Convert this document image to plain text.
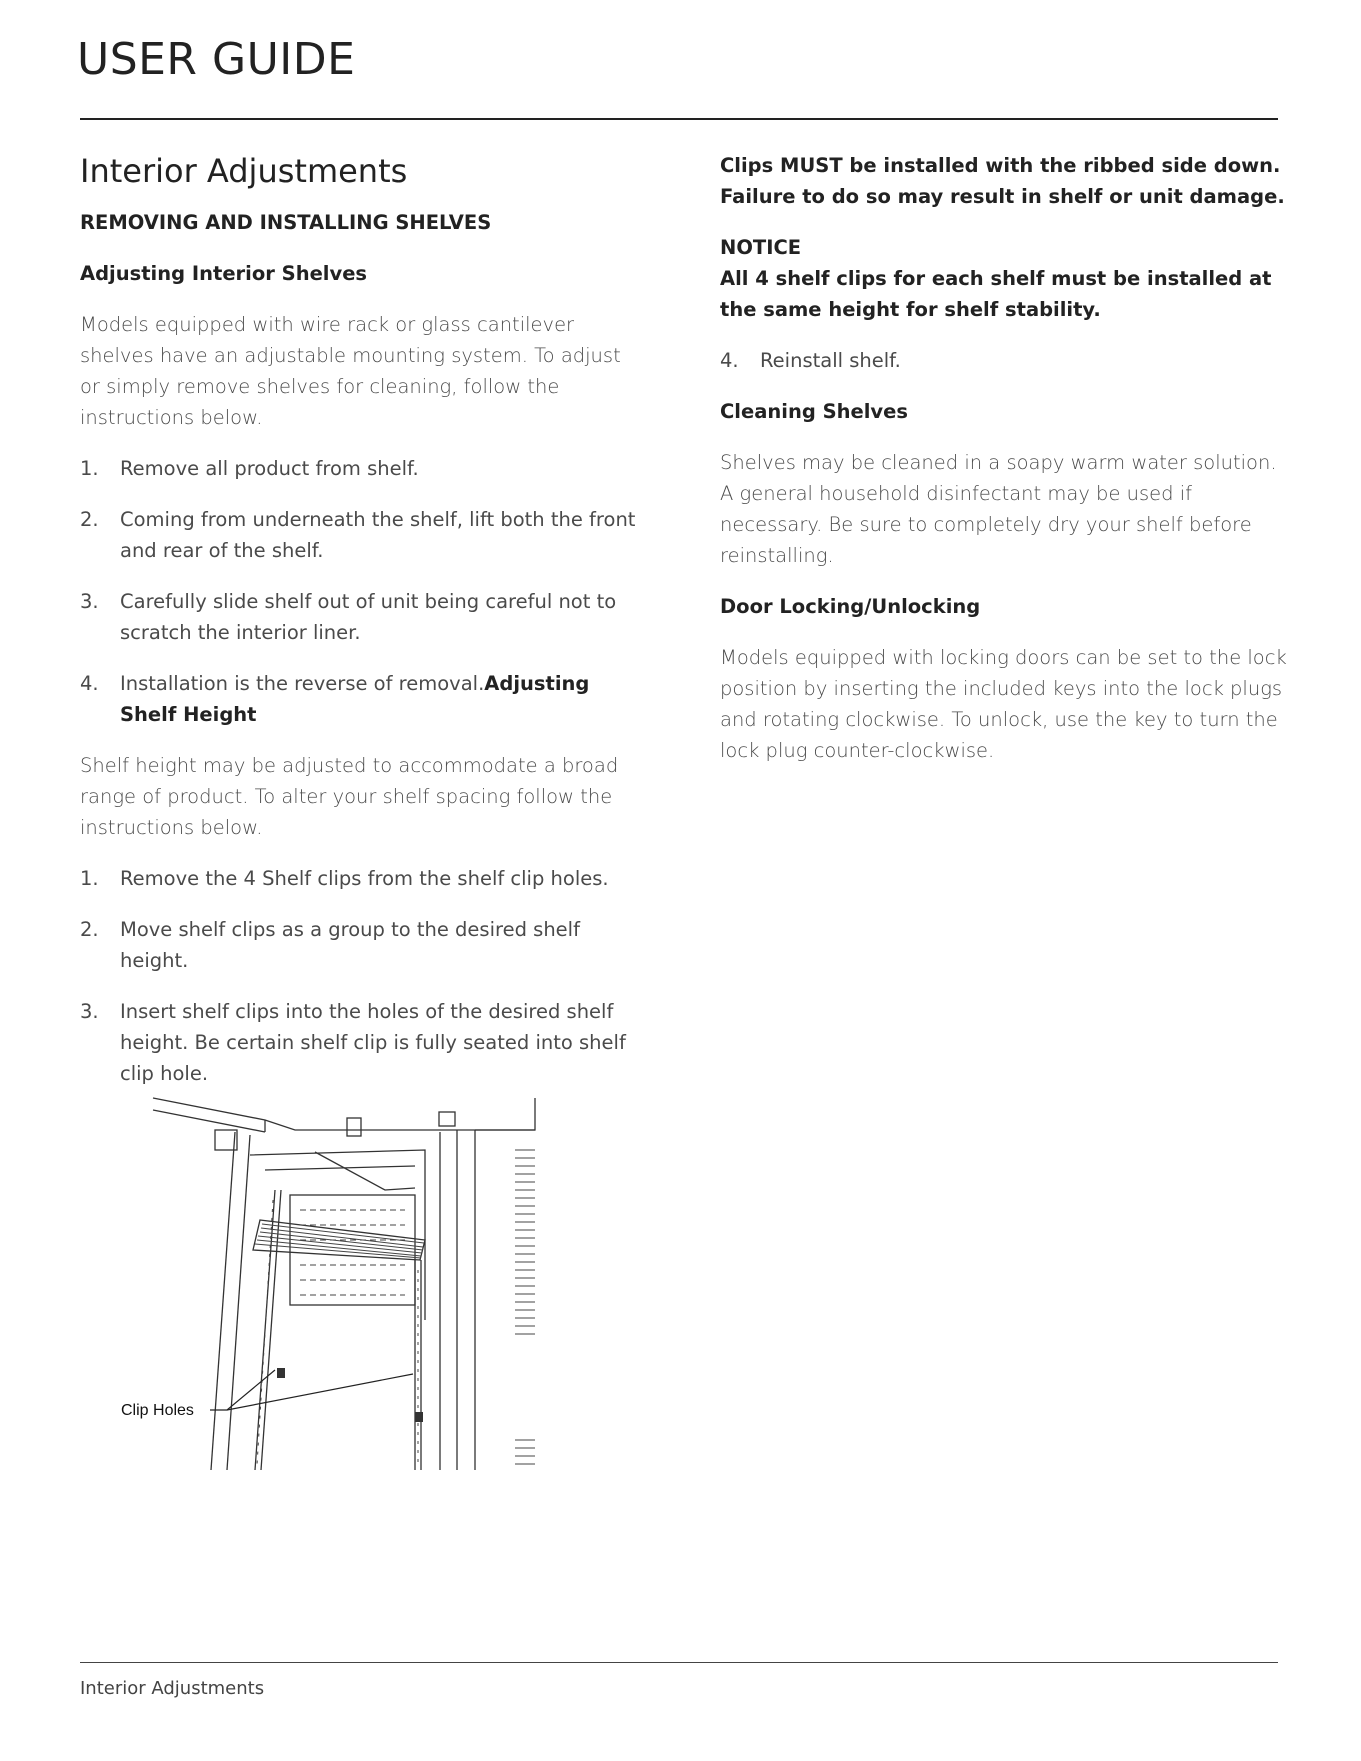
USER GUIDE
Interior Adjustments
REMOVING AND INSTALLING SHELVES
Adjusting Interior Shelves

Models equipped with wire rack or glass cantilever shelves have an adjustable mounting system. To adjust or simply remove shelves for cleaning, follow the instructions below.

1. Remove all product from shelf.
2. Coming from underneath the shelf, lift both the front and rear of the shelf.
3. Carefully slide shelf out of unit being careful not to scratch the interior liner.
4. Installation is the reverse of removal.Adjusting Shelf Height

Shelf height may be adjusted to accommodate a broad range of product. To alter your shelf spacing follow the instructions below.

1. Remove the 4 Shelf clips from the shelf clip holes.
2. Move shelf clips as a group to the desired shelf height.
3. Insert shelf clips into the holes of the desired shelf height. Be certain shelf clip is fully seated into shelf clip hole.
Clip Holes
Clips MUST be installed with the ribbed side down. Failure to do so may result in shelf or unit damage.
NOTICE
All 4 shelf clips for each shelf must be installed at the same height for shelf stability.
4. Reinstall shelf.
Cleaning Shelves

Shelves may be cleaned in a soapy warm water solution. A general household disinfectant may be used if necessary. Be sure to completely dry your shelf before reinstalling.

Door Locking/Unlocking

Models equipped with locking doors can be set to the lock position by inserting the included keys into the lock plugs and rotating clockwise. To unlock, use the key to turn the lock plug counter-clockwise.

Interior Adjustments
